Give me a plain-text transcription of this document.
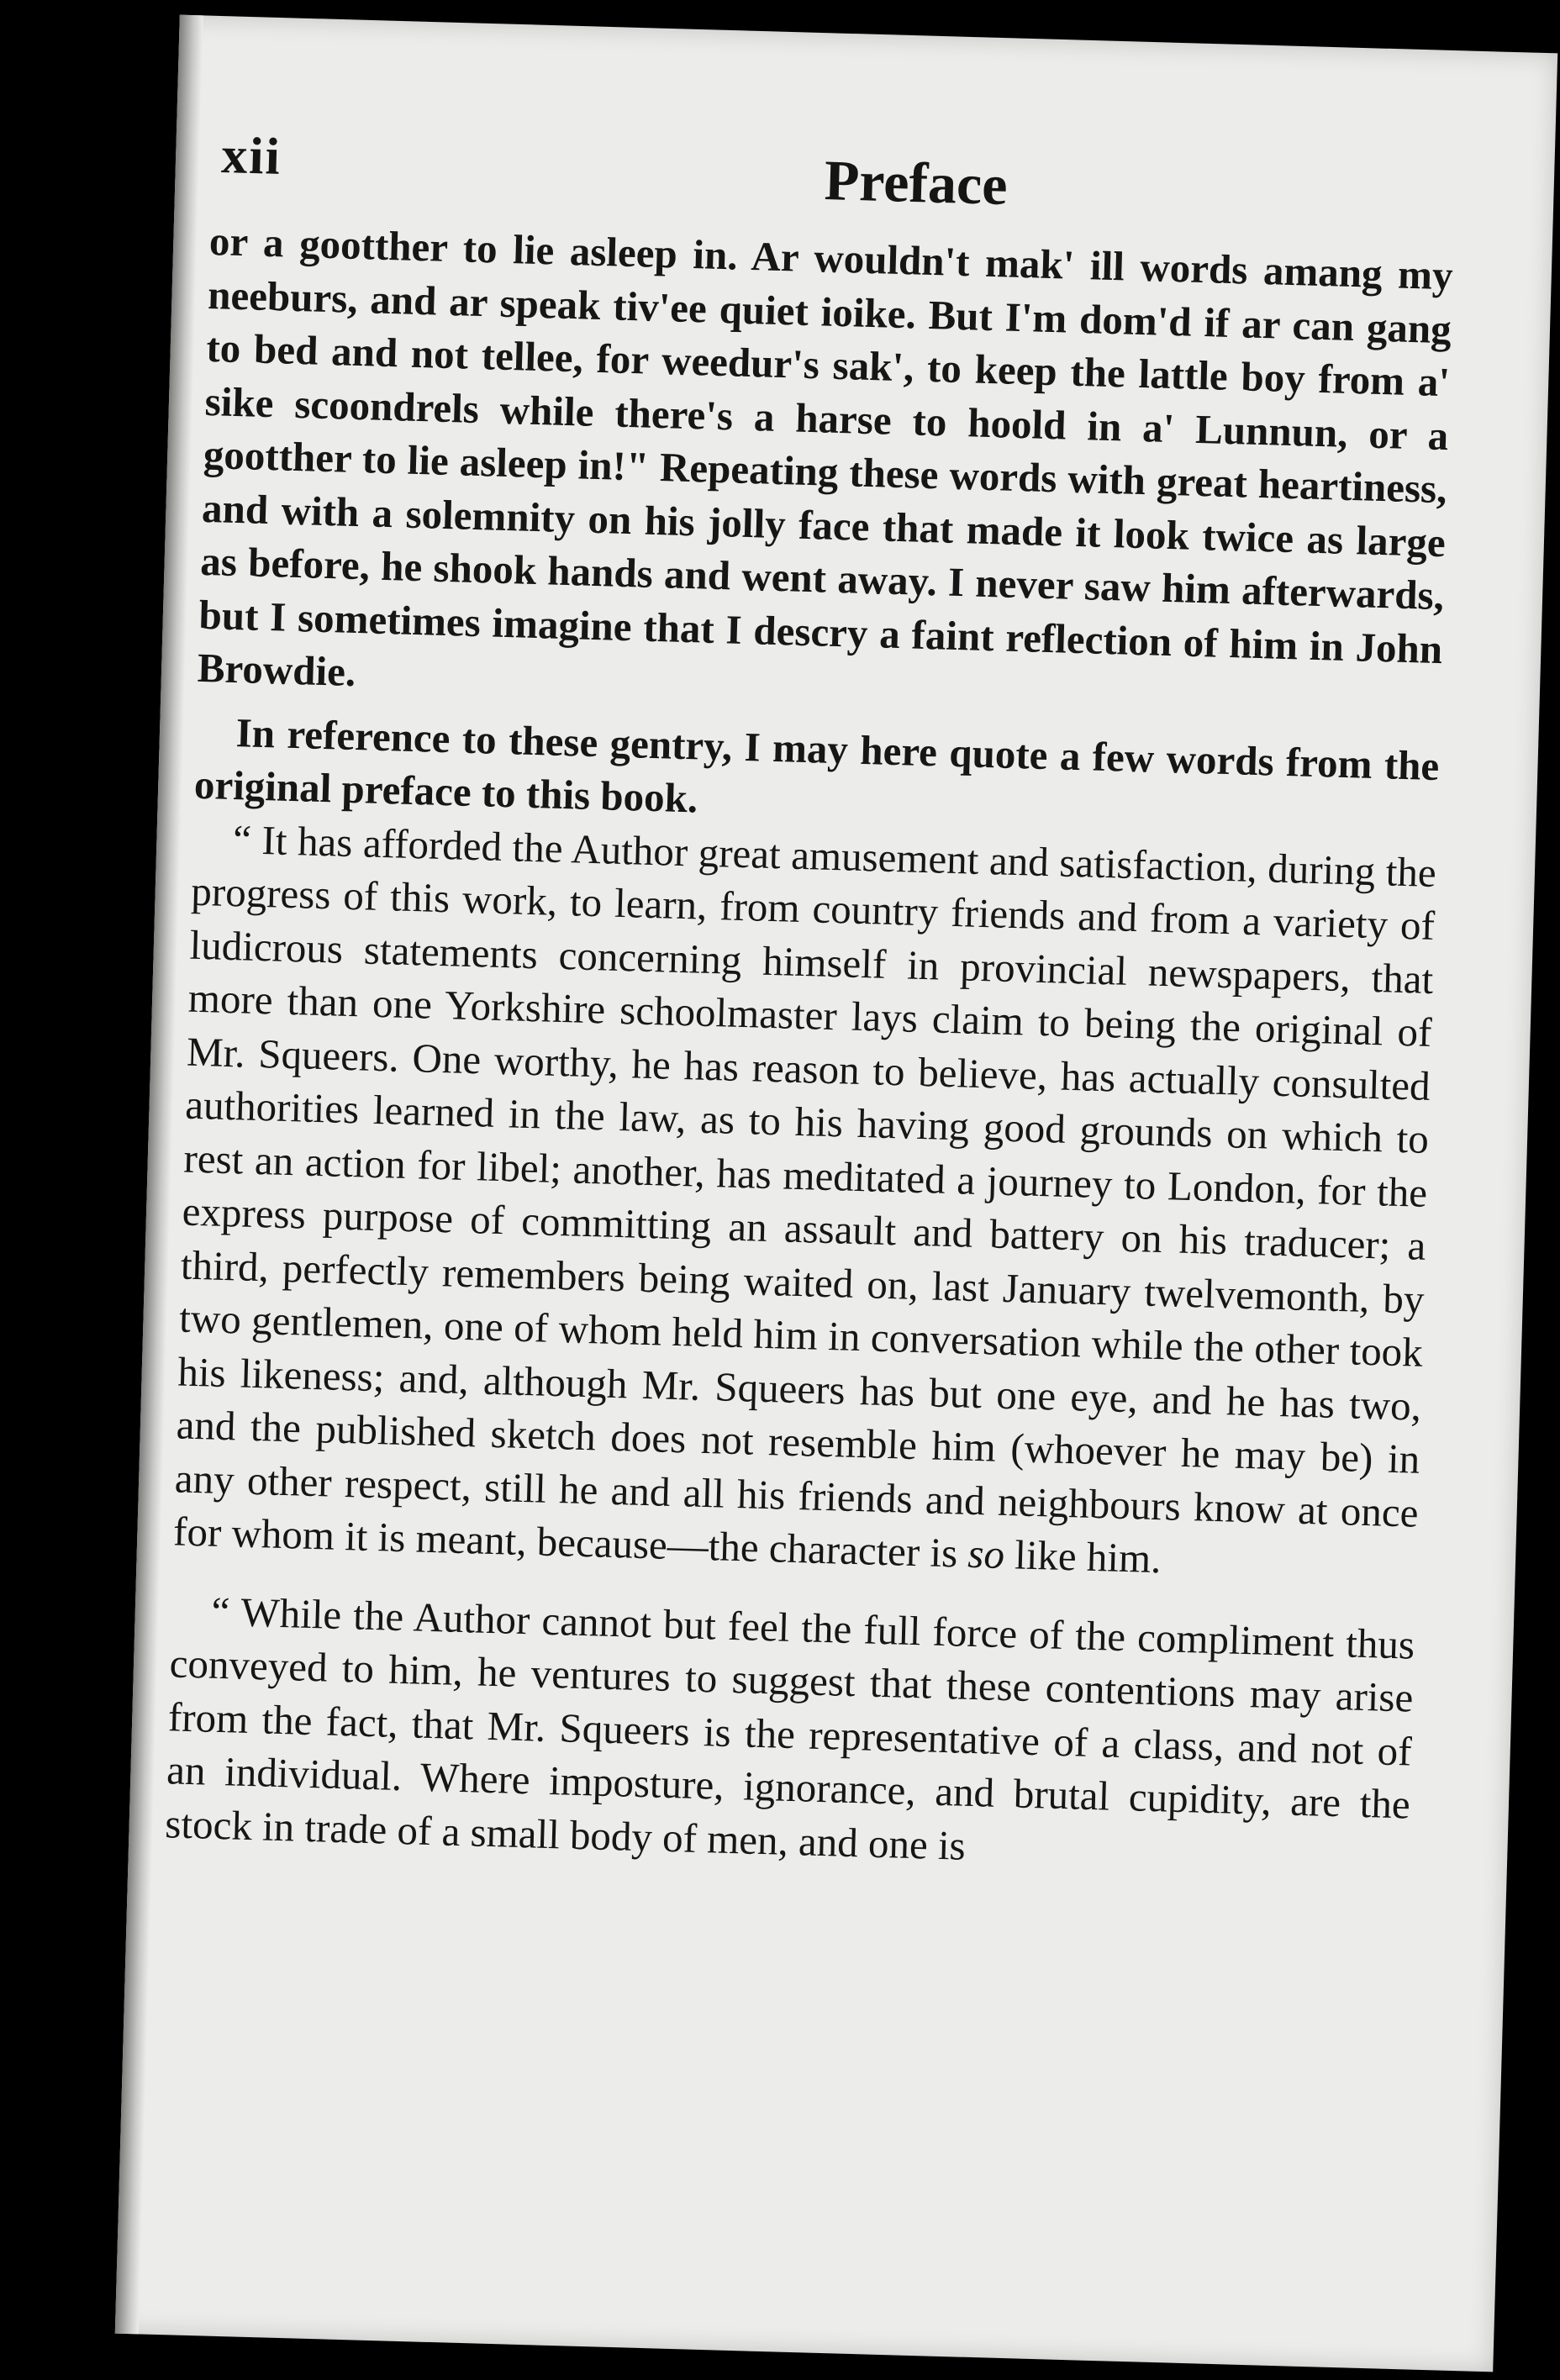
xii	Preface

or a gootther to lie asleep in. Ar wouldn't mak' ill words amang my neeburs, and ar speak tiv'ee quiet ioike. But I'm dom'd if ar can gang to bed and not tellee, for weedur's sak', to keep the lattle boy from a' sike scoondrels while there's a harse to hoold in a' Lunnun, or a gootther to lie asleep in!" Repeating these words with great heartiness, and with a solemnity on his jolly face that made it look twice as large as before, he shook hands and went away. I never saw him afterwards, but I sometimes imagine that I descry a faint reflection of him in John Browdie.

In reference to these gentry, I may here quote a few words from the original preface to this book.

“ It has afforded the Author great amusement and satisfaction, during the progress of this work, to learn, from country friends and from a variety of ludicrous statements concerning himself in provincial newspapers, that more than one Yorkshire schoolmaster lays claim to being the original of Mr. Squeers. One worthy, he has reason to believe, has actually consulted authorities learned in the law, as to his having good grounds on which to rest an action for libel; another, has meditated a journey to London, for the express purpose of committing an assault and battery on his traducer; a third, perfectly remembers being waited on, last January twelvemonth, by two gentlemen, one of whom held him in conversation while the other took his likeness; and, although Mr. Squeers has but one eye, and he has two, and the published sketch does not resemble him (whoever he may be) in any other respect, still he and all his friends and neighbours know at once for whom it is meant, because—the character is so like him.

“ While the Author cannot but feel the full force of the compliment thus conveyed to him, he ventures to suggest that these contentions may arise from the fact, that Mr. Squeers is the representative of a class, and not of an individual. Where imposture, ignorance, and brutal cupidity, are the stock in trade of a small body of men, and one is
